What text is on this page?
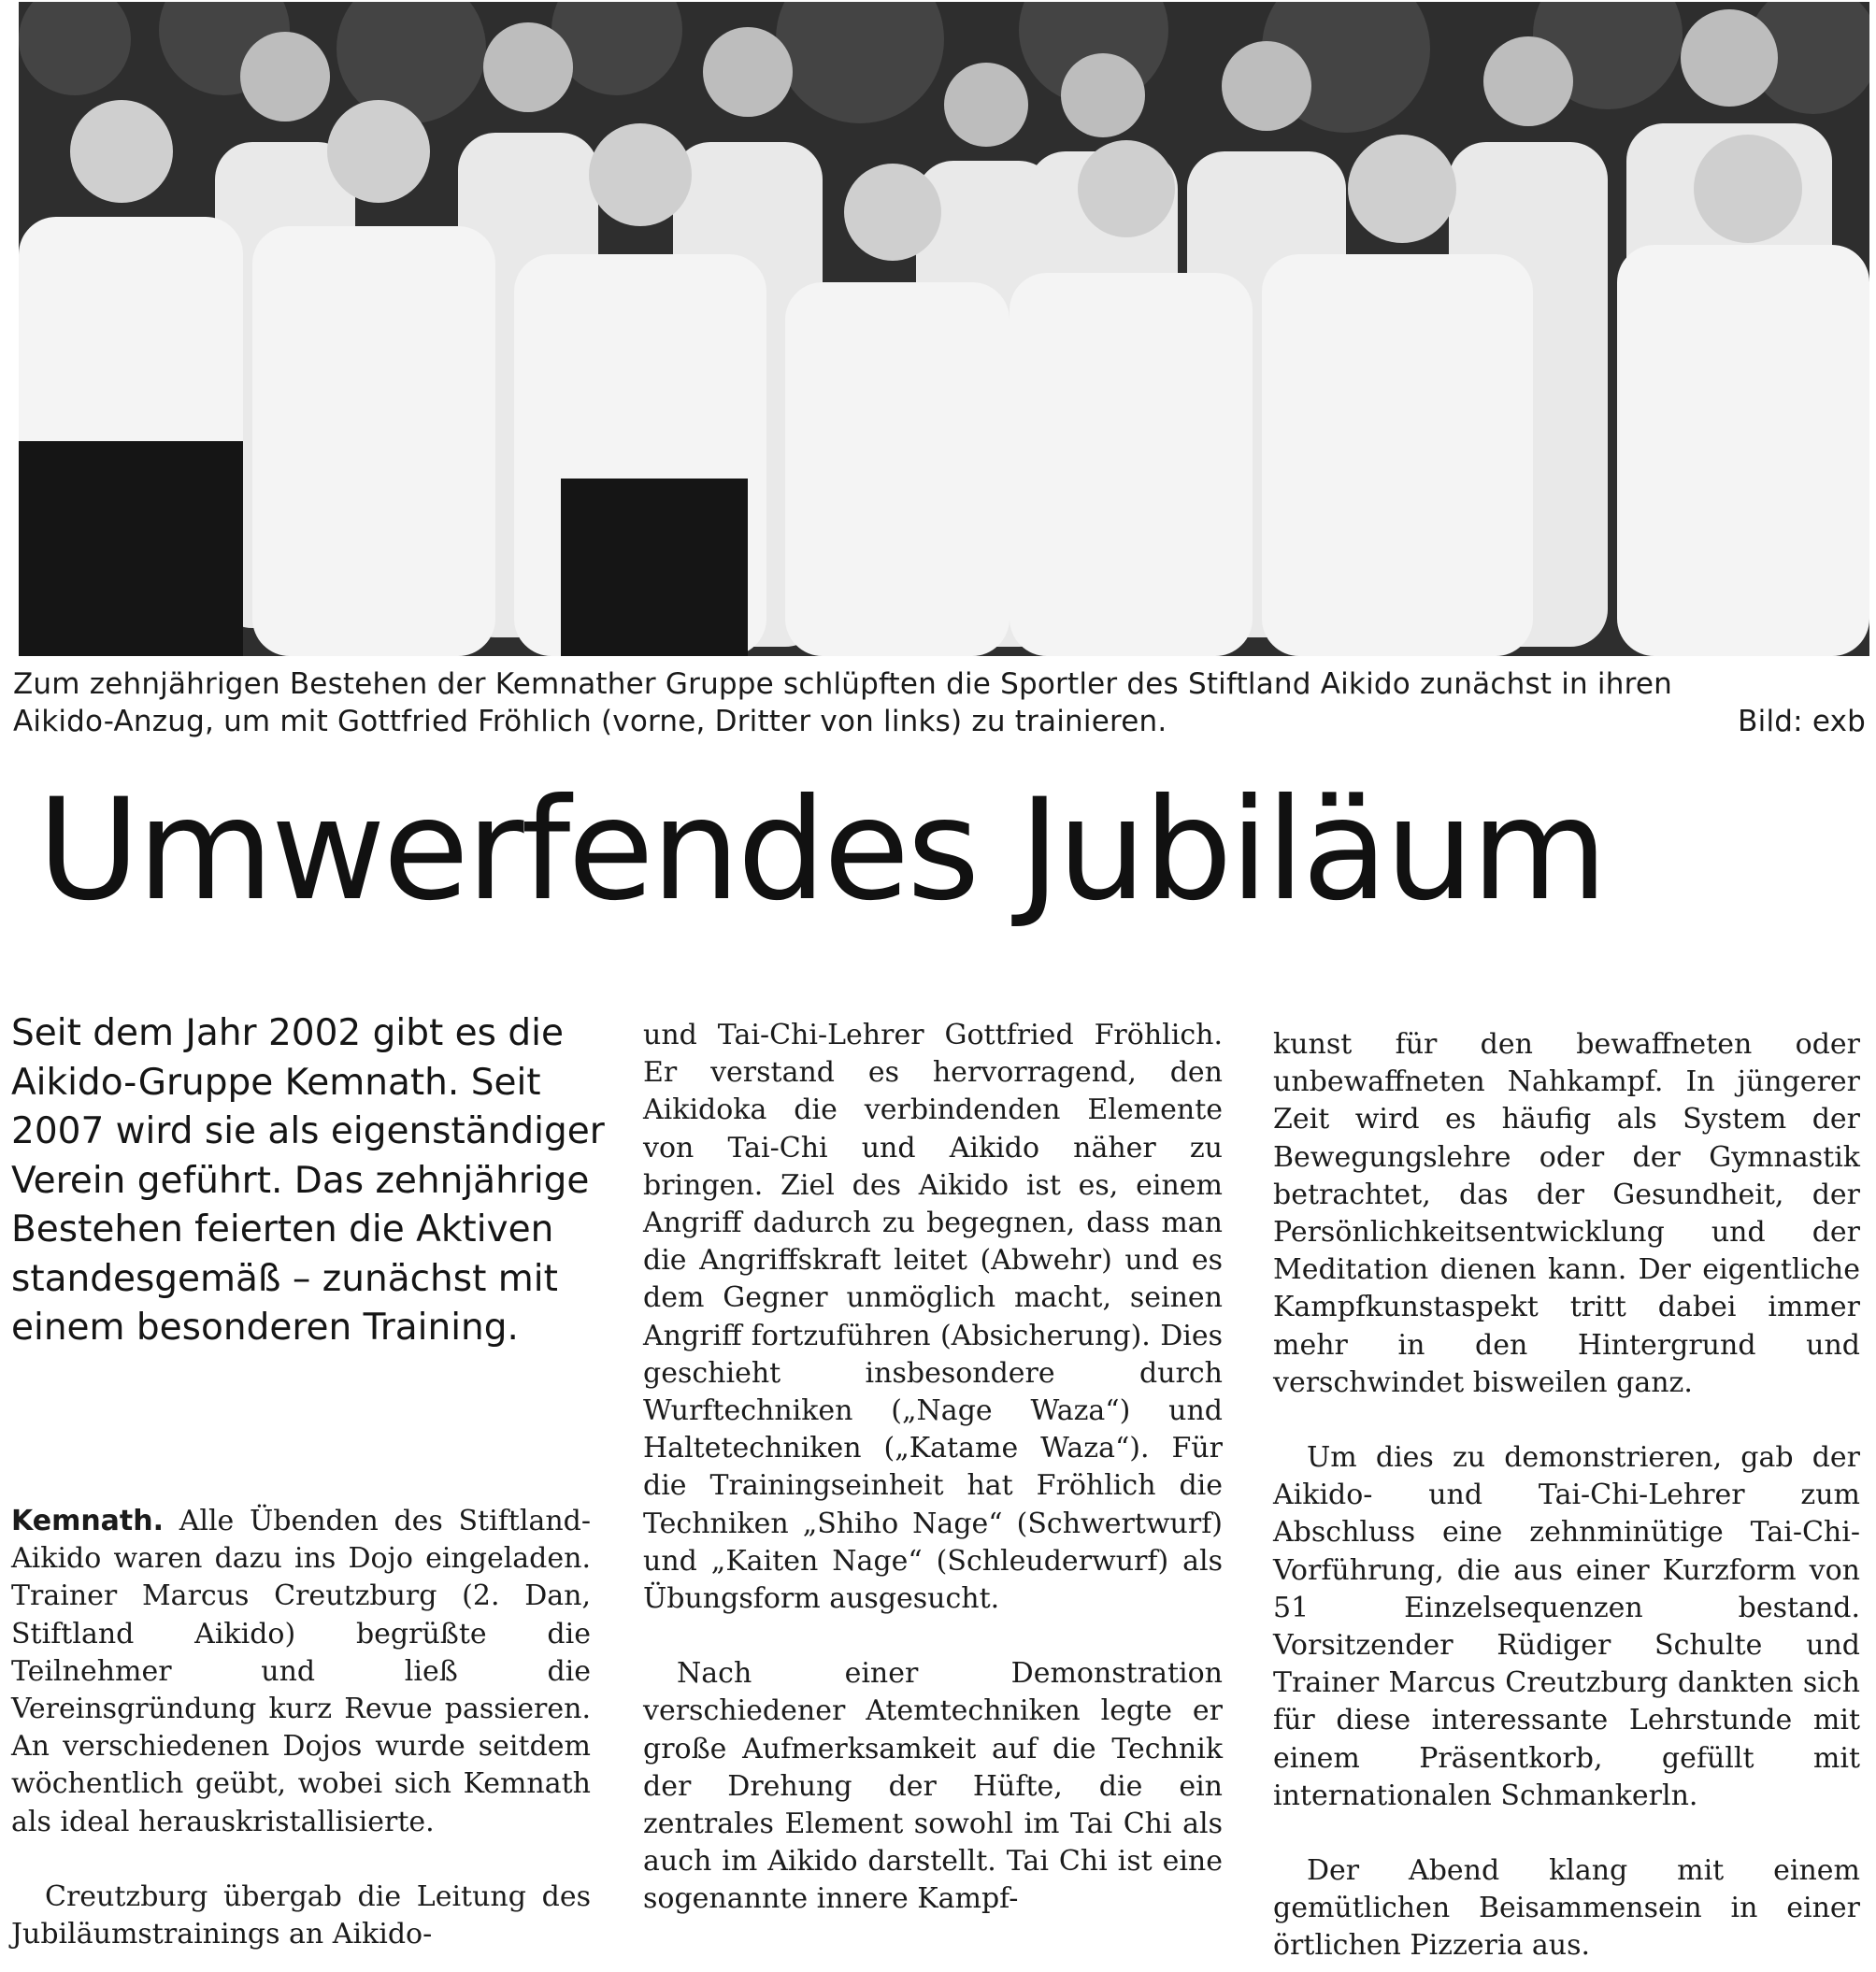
Zum zehnjährigen Bestehen der Kemnather Gruppe schlüpften die Sportler des Stiftland Aikido zunächst in ihren
Aikido-Anzug, um mit Gottfried Fröhlich (vorne, Dritter von links) zu trainieren.	Bild: exb
Umwerfendes Jubiläum
Seit dem Jahr 2002 gibt es die Aikido-Gruppe Kemnath. Seit 2007 wird sie als eigenständiger Verein geführt. Das zehnjährige Bestehen feierten die Aktiven standesgemäß – zunächst mit einem besonderen Training.

Kemnath. Alle Übenden des Stiftland-Aikido waren dazu ins Dojo eingeladen. Trainer Marcus Creutzburg (2. Dan, Stiftland Aikido) begrüßte die Teilnehmer und ließ die Vereinsgründung kurz Revue passieren. An verschiedenen Dojos wurde seitdem wöchentlich geübt, wobei sich Kemnath als ideal herauskristallisierte.

Creutzburg übergab die Leitung des Jubiläumstrainings an Aikido-

und Tai-Chi-Lehrer Gottfried Fröhlich. Er verstand es hervorragend, den Aikidoka die verbindenden Elemente von Tai-Chi und Aikido näher zu bringen. Ziel des Aikido ist es, einem Angriff dadurch zu begegnen, dass man die Angriffskraft leitet (Abwehr) und es dem Gegner unmöglich macht, seinen Angriff fortzuführen (Absicherung). Dies geschieht insbesondere durch Wurftechniken („Nage Waza“) und Haltetechniken („Katame Waza“). Für die Trainingseinheit hat Fröhlich die Techniken „Shiho Nage“ (Schwertwurf) und „Kaiten Nage“ (Schleuderwurf) als Übungsform ausgesucht.

Nach einer Demonstration verschiedener Atemtechniken legte er große Aufmerksamkeit auf die Technik der Drehung der Hüfte, die ein zentrales Element sowohl im Tai Chi als auch im Aikido darstellt. Tai Chi ist eine sogenannte innere Kampf-

kunst für den bewaffneten oder unbewaffneten Nahkampf. In jüngerer Zeit wird es häufig als System der Bewegungslehre oder der Gymnastik betrachtet, das der Gesundheit, der Persönlichkeitsentwicklung und der Meditation dienen kann. Der eigentliche Kampfkunstaspekt tritt dabei immer mehr in den Hintergrund und verschwindet bisweilen ganz.

Um dies zu demonstrieren, gab der Aikido- und Tai-Chi-Lehrer zum Abschluss eine zehnminütige Tai-Chi-Vorführung, die aus einer Kurzform von 51 Einzelsequenzen bestand. Vorsitzender Rüdiger Schulte und Trainer Marcus Creutzburg dankten sich für diese interessante Lehrstunde mit einem Präsentkorb, gefüllt mit internationalen Schmankerln.

Der Abend klang mit einem gemütlichen Beisammensein in einer örtlichen Pizzeria aus.
